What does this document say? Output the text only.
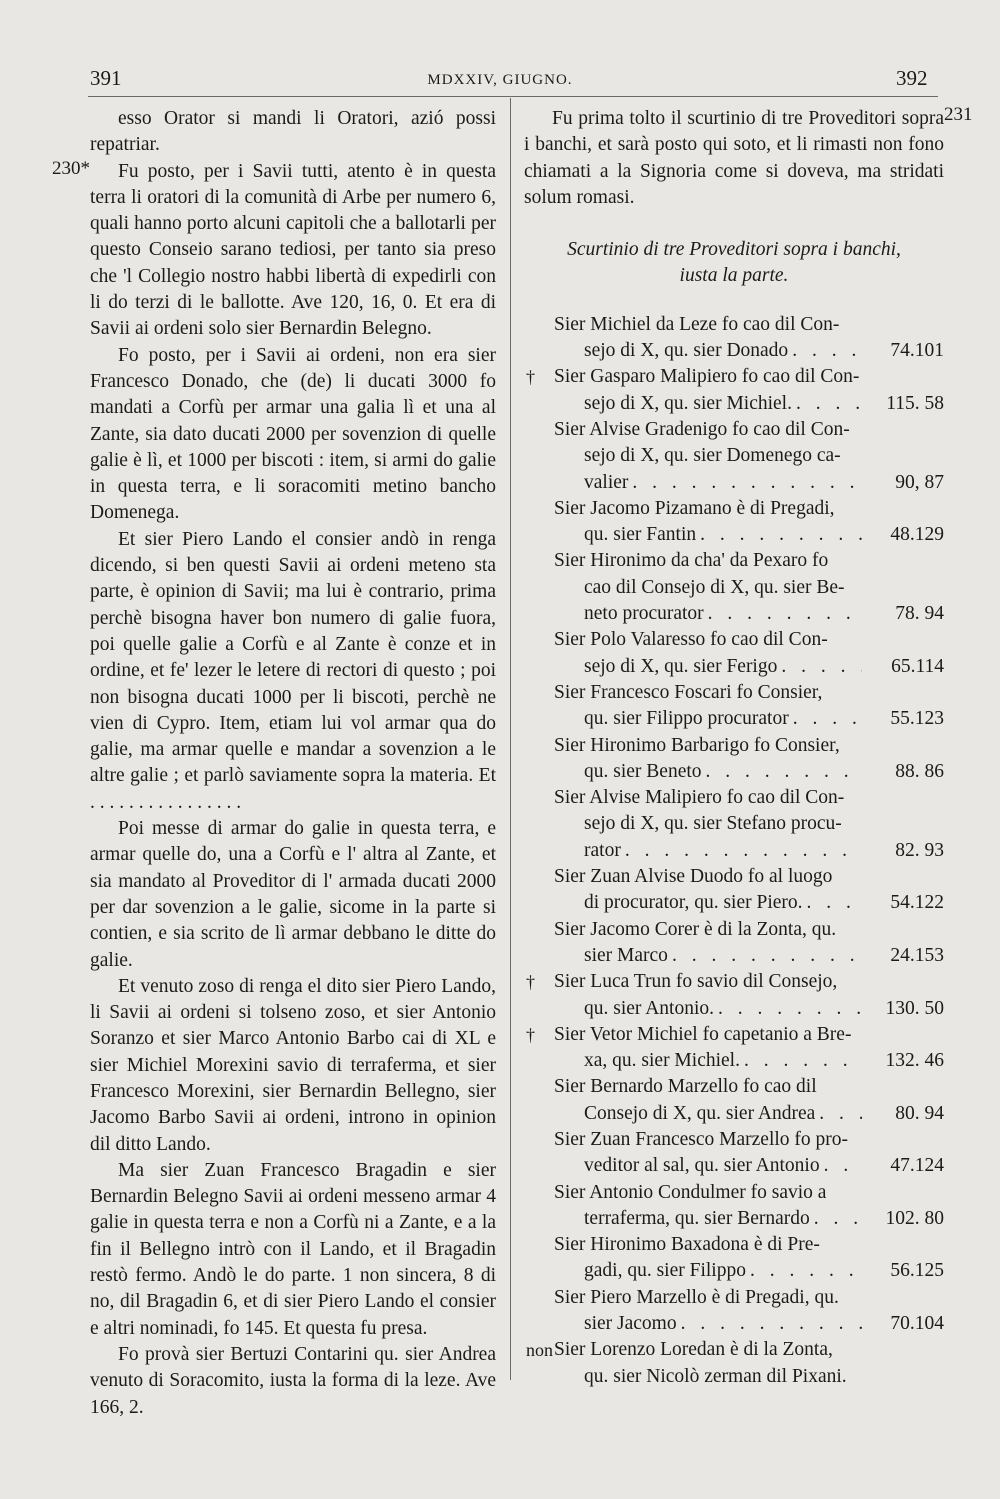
391	MDXXIV, GIUGNO.	392
230*
231

esso Orator si mandi li Oratori, azió possi repatriar.

Fu posto, per i Savii tutti, atento è in questa terra li oratori di la comunità di Arbe per numero 6, quali hanno porto alcuni capitoli che a ballotarli per questo Conseio sarano tediosi, per tanto sia preso che 'l Collegio nostro habbi libertà di expedirli con li do terzi di le ballotte. Ave 120, 16, 0. Et era di Savii ai ordeni solo sier Bernardin Belegno.

Fo posto, per i Savii ai ordeni, non era sier Francesco Donado, che (de) li ducati 3000 fo mandati a Corfù per armar una galia lì et una al Zante, sia dato ducati 2000 per sovenzion di quelle galie è lì, et 1000 per biscoti : item, si armi do galie in questa terra, e li soracomiti metino bancho Domenega.

Et sier Piero Lando el consier andò in renga dicendo, si ben questi Savii ai ordeni meteno sta parte, è opinion di Savii; ma lui è contrario, prima perchè bisogna haver bon numero di galie fuora, poi quelle galie a Corfù e al Zante è conze et in ordine, et fe' lezer le letere di rectori di questo ; poi non bisogna ducati 1000 per li biscoti, perchè ne vien di Cypro. Item, etiam lui vol armar qua do galie, ma armar quelle e mandar a sovenzion a le altre galie ; et parlò saviamente sopra la materia. Et . . . . . . . . . . . . . . . .

Poi messe di armar do galie in questa terra, e armar quelle do, una a Corfù e l' altra al Zante, et sia mandato al Proveditor di l' armada ducati 2000 per dar sovenzion a le galie, sicome in la parte si contien, e sia scrito de lì armar debbano le ditte do galie.

Et venuto zoso di renga el dito sier Piero Lando, li Savii ai ordeni si tolseno zoso, et sier Antonio Soranzo et sier Marco Antonio Barbo cai di XL e sier Michiel Morexini savio di terraferma, et sier Francesco Morexini, sier Bernardin Bellegno, sier Jacomo Barbo Savii ai ordeni, introno in opinion dil ditto Lando.

Ma sier Zuan Francesco Bragadin e sier Bernardin Belegno Savii ai ordeni messeno armar 4 galie in questa terra e non a Corfù ni a Zante, e a la fin il Bellegno intrò con il Lando, et il Bragadin restò fermo. Andò le do parte. 1 non sincera, 8 di no, dil Bragadin 6, et di sier Piero Lando el consier e altri nominadi, fo 145. Et questa fu presa.

Fo provà sier Bertuzi Contarini qu. sier Andrea venuto di Soracomito, iusta la forma di la leze. Ave 166, 2.

Fu prima tolto il scurtinio di tre Proveditori sopra i banchi, et sarà posto qui soto, et li rimasti non fono chiamati a la Signoria come si doveva, ma stridati solum romasi.

Scurtinio di tre Proveditori sopra i banchi,
iusta la parte.
Sier Michiel da Leze fo cao dil Con-
sejo di X, qu. sier Donado . . .	74.101
† Sier Gasparo Malipiero fo cao dil Con-
sejo di X, qu. sier Michiel. . . .	115. 58
Sier Alvise Gradenigo fo cao dil Con-
sejo di X, qu. sier Domenego ca-
valier . . .	90, 87
Sier Jacomo Pizamano è di Pregadi,
qu. sier Fantin . . .	48.129
Sier Hironimo da cha' da Pexaro fo
cao dil Consejo di X, qu. sier Be-
neto procurator . . .	78. 94
Sier Polo Valaresso fo cao dil Con-
sejo di X, qu. sier Ferigo . . .	65.114
Sier Francesco Foscari fo Consier,
qu. sier Filippo procurator . . .	55.123
Sier Hironimo Barbarigo fo Consier,
qu. sier Beneto . . .	88. 86
Sier Alvise Malipiero fo cao dil Con-
sejo di X, qu. sier Stefano procu-
rator . . .	82. 93
Sier Zuan Alvise Duodo fo al luogo
di procurator, qu. sier Piero. . . .	54.122
Sier Jacomo Corer è di la Zonta, qu.
sier Marco . . .	24.153
† Sier Luca Trun fo savio dil Consejo,
qu. sier Antonio. . . .	130. 50
† Sier Vetor Michiel fo capetanio a Bre-
xa, qu. sier Michiel. . . .	132. 46
Sier Bernardo Marzello fo cao dil
Consejo di X, qu. sier Andrea . . .	80. 94
Sier Zuan Francesco Marzello fo pro-
veditor al sal, qu. sier Antonio . . .	47.124
Sier Antonio Condulmer fo savio a
terraferma, qu. sier Bernardo . . .	102. 80
Sier Hironimo Baxadona è di Pre-
gadi, qu. sier Filippo . . .	56.125
Sier Piero Marzello è di Pregadi, qu.
sier Jacomo . . .	70.104
non Sier Lorenzo Loredan è di la Zonta,
qu. sier Nicolò zerman dil Pixani.
